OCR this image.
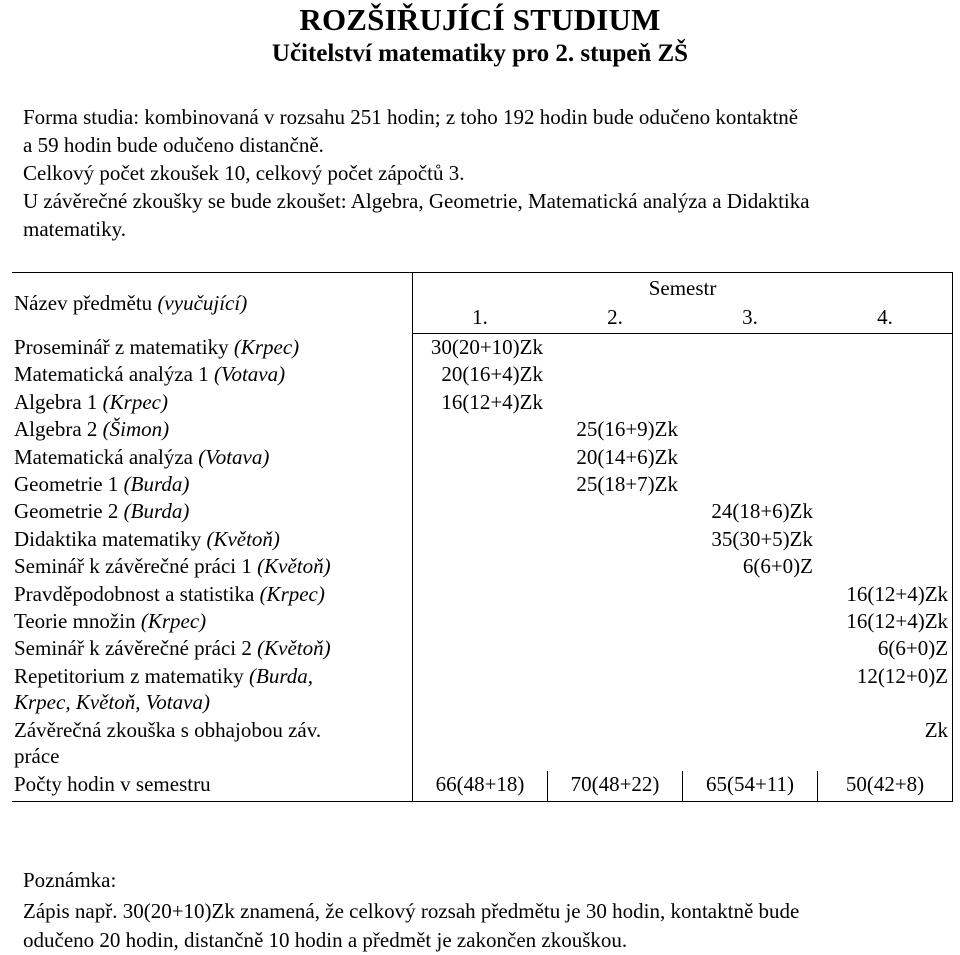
ROZŠIŘUJÍCÍ STUDIUM
Učitelství matematiky pro 2. stupeň ZŠ

Forma studia: kombinovaná v rozsahu 251 hodin; z toho 192 hodin bude odučeno kontaktně

a 59 hodin bude odučeno distančně.

Celkový počet zkoušek 10, celkový počet zápočtů 3.

U závěrečné zkoušky se bude zkoušet: Algebra, Geometrie, Matematická analýza a Didaktika

matematiky.

Název předmětu (vyučující)	Semestr			
	1.	2.	3.	4.
Proseminář z matematiky (Krpec)	30(20+10)Zk			
Matematická analýza 1 (Votava)	20(16+4)Zk			
Algebra 1 (Krpec)	16(12+4)Zk			
Algebra 2 (Šimon)		25(16+9)Zk		
Matematická analýza (Votava)		20(14+6)Zk		
Geometrie 1 (Burda)		25(18+7)Zk		
Geometrie 2 (Burda)			24(18+6)Zk	
Didaktika matematiky (Květoň)			35(30+5)Zk	
Seminář k závěrečné práci 1 (Květoň)			6(6+0)Z	
Pravděpodobnost a statistika (Krpec)				16(12+4)Zk
Teorie množin (Krpec)				16(12+4)Zk
Seminář k závěrečné práci 2 (Květoň)				6(6+0)Z
Repetitorium z matematiky (Burda,
Krpec, Květoň, Votava)				12(12+0)Z
Závěrečná zkouška s obhajobou záv.
práce				Zk
Počty hodin v semestru	66(48+18)	70(48+22)	65(54+11)	50(42+8)

Poznámka:

Zápis např. 30(20+10)Zk znamená, že celkový rozsah předmětu je 30 hodin, kontaktně bude

odučeno 20 hodin, distančně 10 hodin a předmět je zakončen zkouškou.
